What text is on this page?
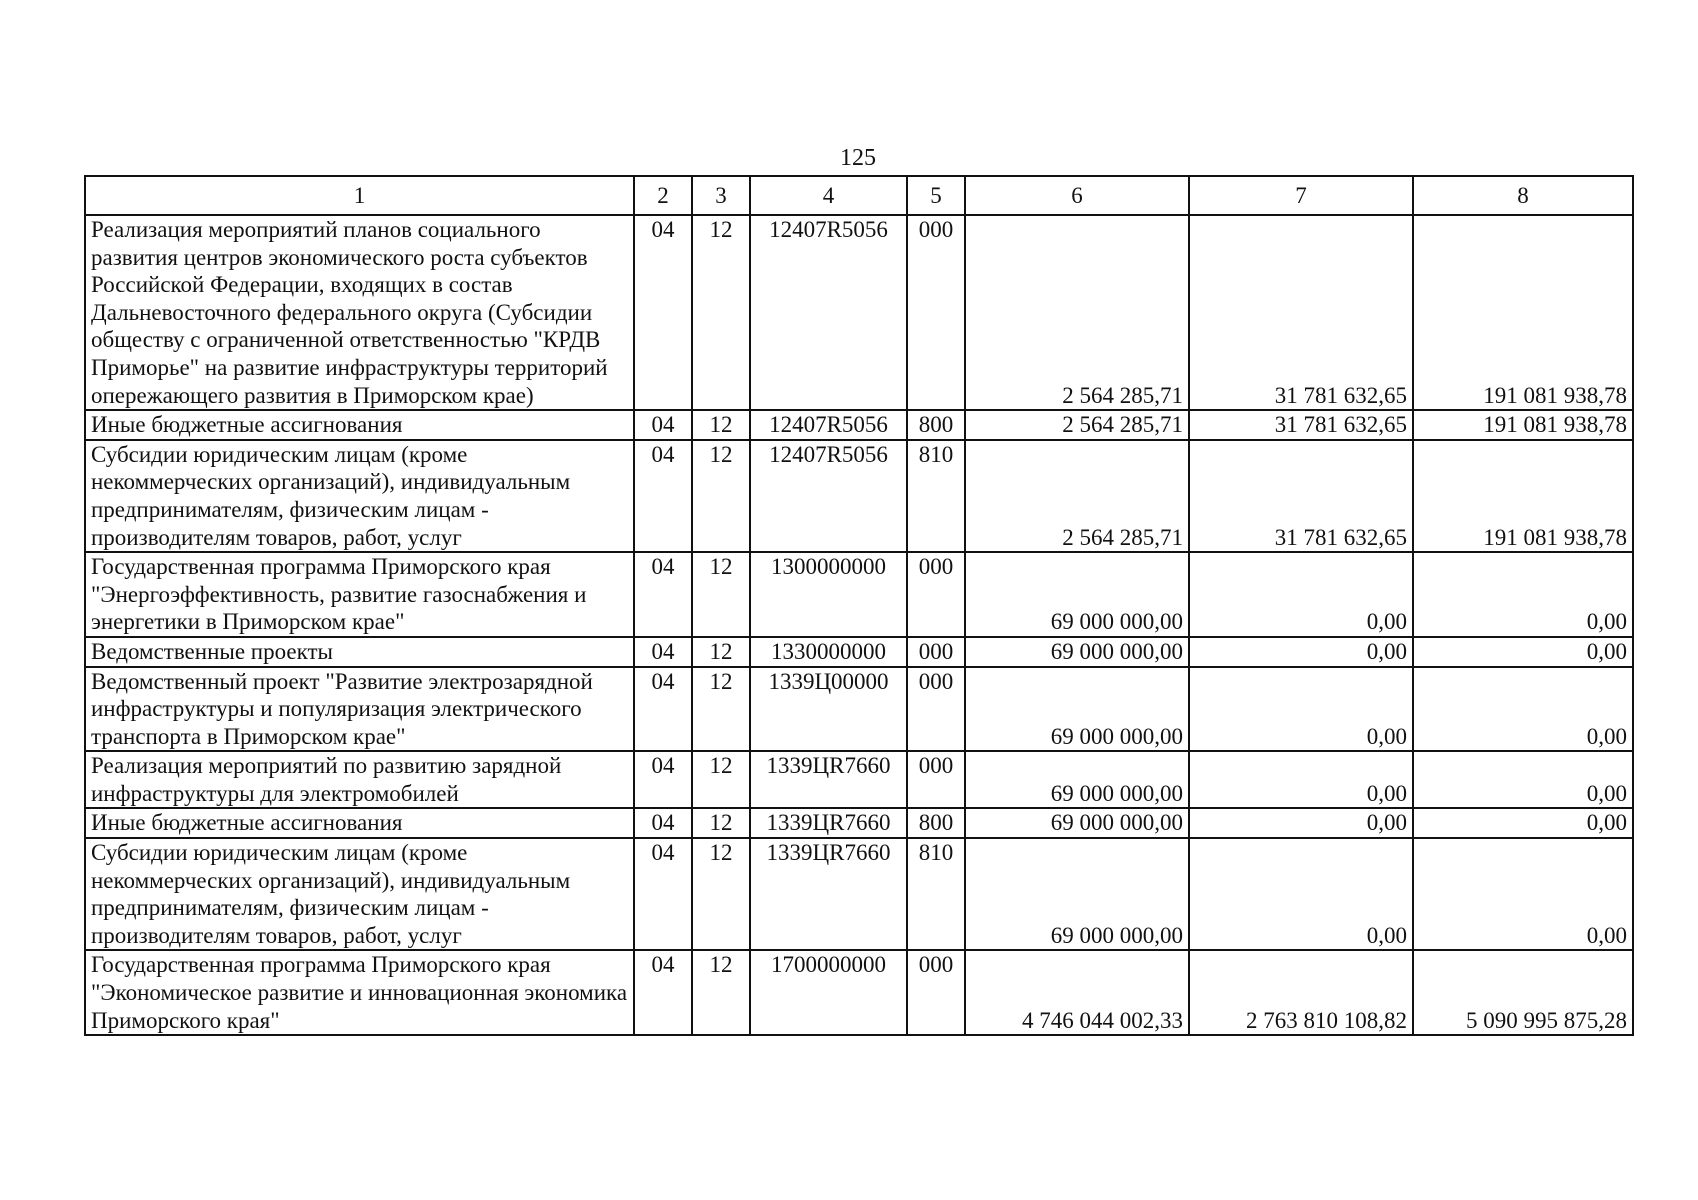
125
1	2	3	4	5	6	7	8
Реализация мероприятий планов социального развития центров экономического роста субъектов Российской Федерации, входящих в состав Дальневосточного федерального округа (Субсидии обществу с ограниченной ответственностью "КРДВ Приморье" на развитие инфраструктуры территорий опережающего развития в Приморском крае)	04	12	12407R5056	000	2 564 285,71	31 781 632,65	191 081 938,78
Иные бюджетные ассигнования	04	12	12407R5056	800	2 564 285,71	31 781 632,65	191 081 938,78
Субсидии юридическим лицам (кроме некоммерческих организаций), индивидуальным предпринимателям, физическим лицам - производителям товаров, работ, услуг	04	12	12407R5056	810	2 564 285,71	31 781 632,65	191 081 938,78
Государственная программа Приморского края "Энергоэффективность, развитие газоснабжения и энергетики в Приморском крае"	04	12	1300000000	000	69 000 000,00	0,00	0,00
Ведомственные проекты	04	12	1330000000	000	69 000 000,00	0,00	0,00
Ведомственный проект "Развитие электрозарядной инфраструктуры и популяризация электрического транспорта в Приморском крае"	04	12	1339Ц00000	000	69 000 000,00	0,00	0,00
Реализация мероприятий по развитию зарядной инфраструктуры для электромобилей	04	12	1339ЦR7660	000	69 000 000,00	0,00	0,00
Иные бюджетные ассигнования	04	12	1339ЦR7660	800	69 000 000,00	0,00	0,00
Субсидии юридическим лицам (кроме некоммерческих организаций), индивидуальным предпринимателям, физическим лицам - производителям товаров, работ, услуг	04	12	1339ЦR7660	810	69 000 000,00	0,00	0,00
Государственная программа Приморского края "Экономическое развитие и инновационная экономика Приморского края"	04	12	1700000000	000	4 746 044 002,33	2 763 810 108,82	5 090 995 875,28
